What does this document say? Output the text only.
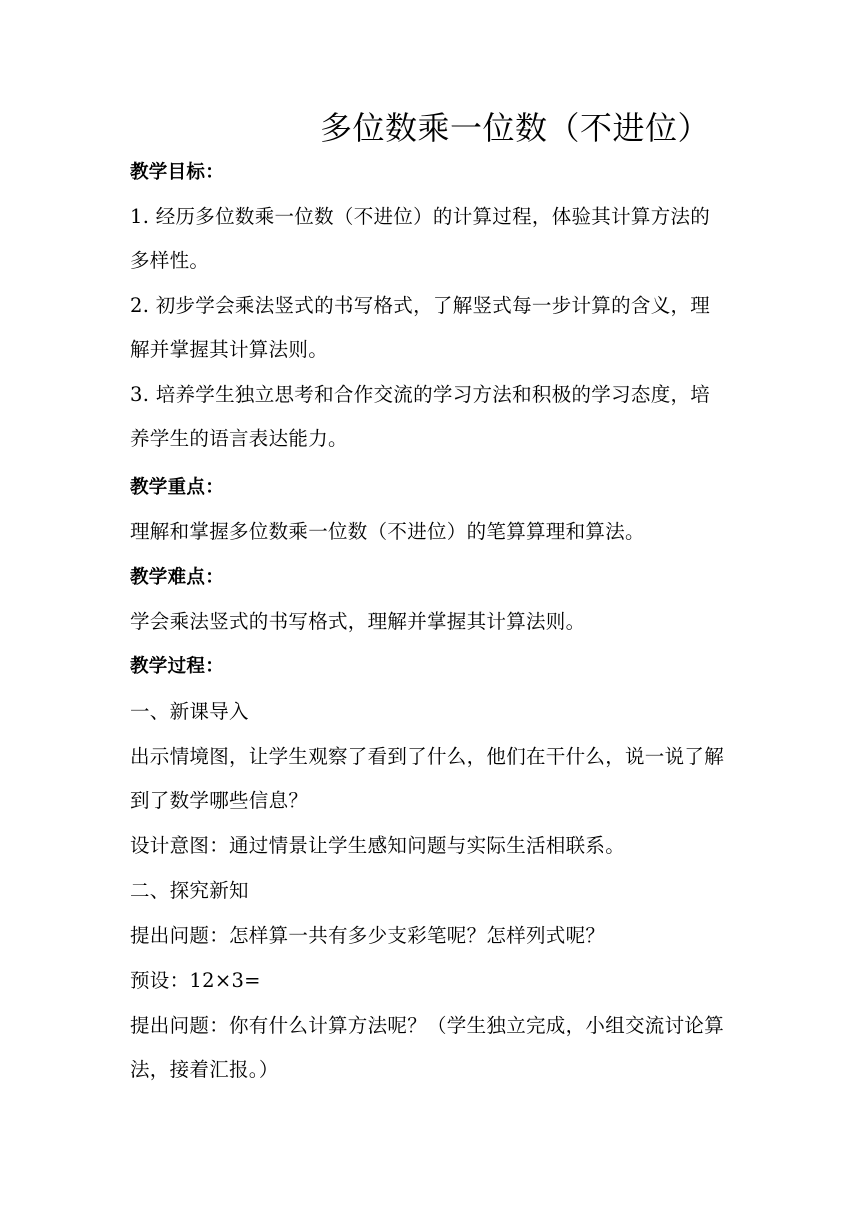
多位数乘一位数（不进位）
教学目标：
1. 经历多位数乘一位数（不进位）的计算过程，体验其计算方法的
多样性。
2. 初步学会乘法竖式的书写格式，了解竖式每一步计算的含义，理
解并掌握其计算法则。
3. 培养学生独立思考和合作交流的学习方法和积极的学习态度，培
养学生的语言表达能力。
教学重点：
理解和掌握多位数乘一位数（不进位）的笔算算理和算法。
教学难点：
学会乘法竖式的书写格式，理解并掌握其计算法则。
教学过程：
一、新课导入
出示情境图，让学生观察了看到了什么，他们在干什么，说一说了解
到了数学哪些信息？
设计意图：通过情景让学生感知问题与实际生活相联系。
二、探究新知
提出问题：怎样算一共有多少支彩笔呢？怎样列式呢？
预设：12×3=
提出问题：你有什么计算方法呢？（学生独立完成，小组交流讨论算
法，接着汇报。）
